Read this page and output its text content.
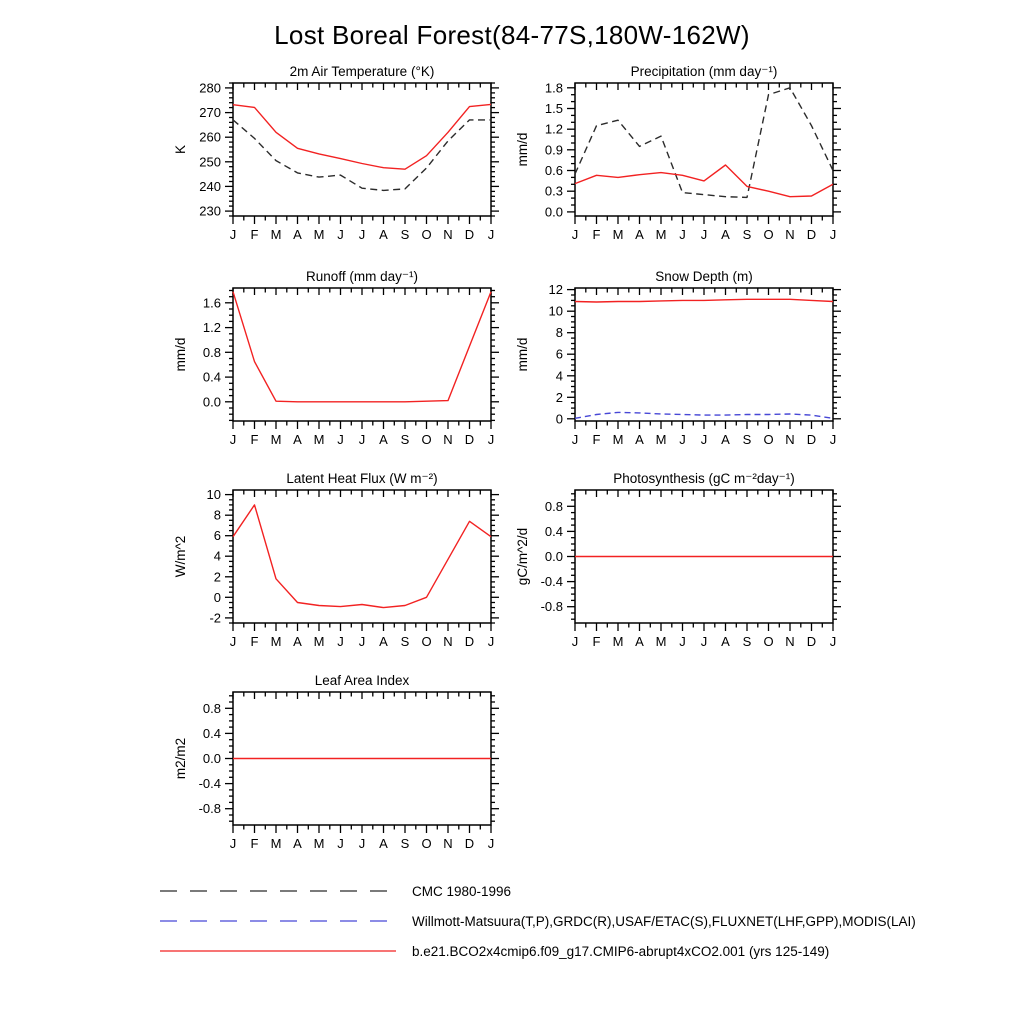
Lost Boreal Forest(84-77S,180W-162W)
230
240
250
260
270
280
J F M A M J J A S O N D J
2m Air Temperature (°K)
K
0.0
0.3
0.6
0.9
1.2
1.5
1.8
J F M A M J J A S O N D J
Precipitation (mm day⁻¹)
mm/d
0.0
0.4
0.8
1.2
1.6
J F M A M J J A S O N D J
Runoff (mm day⁻¹)
mm/d
0
2
4
6
8
10
12
J F M A M J J A S O N D J
Snow Depth (m)
mm/d
-2
0
2
4
6
8
10
J F M A M J J A S O N D J
Latent Heat Flux (W m⁻²)
W/m^2
-0.8
-0.4
0.0
0.4
0.8
J F M A M J J A S O N D J
Photosynthesis (gC m⁻²day⁻¹)
gC/m^2/d
-0.8
-0.4
0.0
0.4
0.8
J F M A M J J A S O N D J
Leaf Area Index
m2/m2
CMC 1980-1996
Willmott-Matsuura(T,P),GRDC(R),USAF/ETAC(S),FLUXNET(LHF,GPP),MODIS(LAI)
b.e21.BCO2x4cmip6.f09_g17.CMIP6-abrupt4xCO2.001 (yrs 125-149)
